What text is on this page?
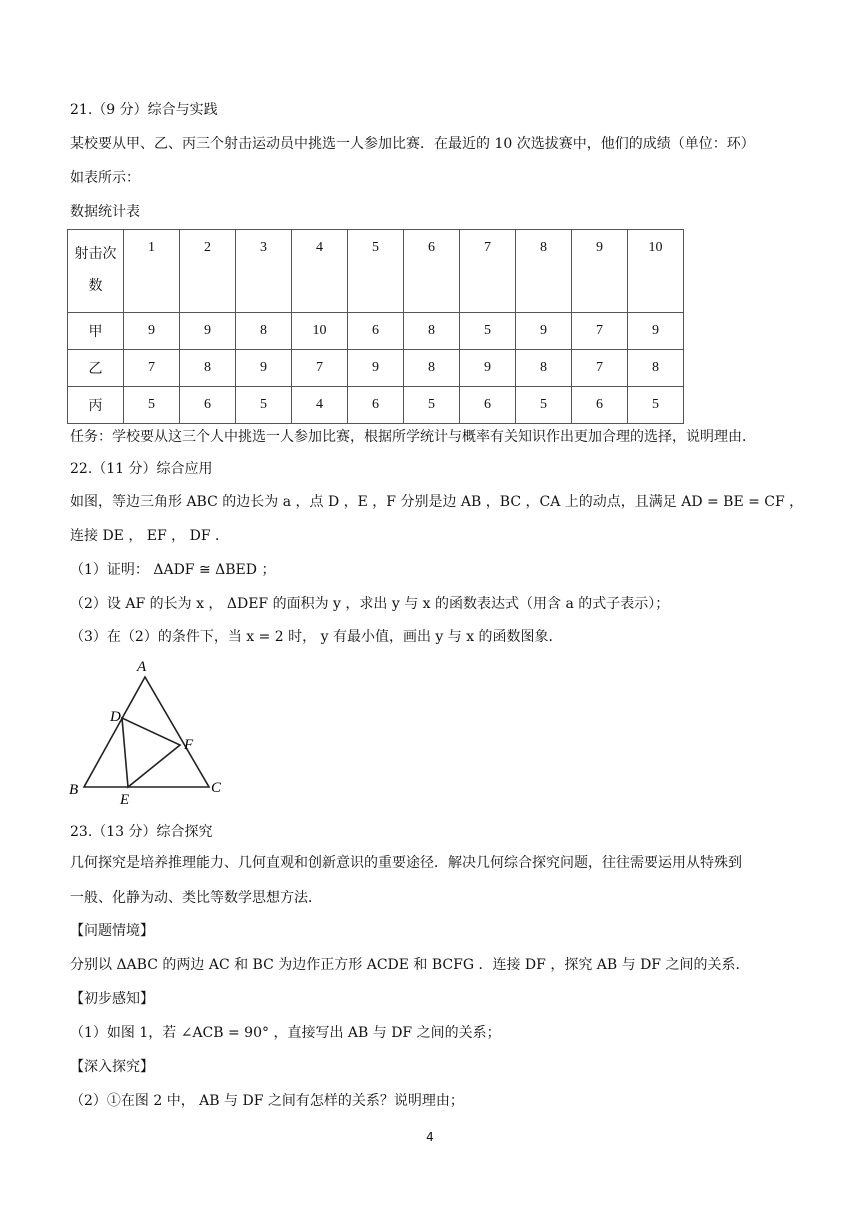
21.（9 分）综合与实践
某校要从甲、乙、丙三个射击运动员中挑选一人参加比赛．在最近的 10 次选拔赛中，他们的成绩（单位：环）
如表所示：
数据统计表
射击次
数	1	2	3	4	5	6	7	8	9	10
甲	9	9	8	10	6	8	5	9	7	9
乙	7	8	9	7	9	8	9	8	7	8
丙	5	6	5	4	6	5	6	5	6	5
任务：学校要从这三个人中挑选一人参加比赛，根据所学统计与概率有关知识作出更加合理的选择，说明理由．
22.（11 分）综合应用
如图，等边三角形 ABC 的边长为 a ，点 D ，E ，F 分别是边 AB ，BC ，CA 上的动点，且满足 AD = BE = CF ，
连接 DE ， EF ， DF ．
（1）证明： ΔADF ≅ ΔBED ；
（2）设 AF 的长为 x ， ΔDEF 的面积为 y ，求出 y 与 x 的函数表达式（用含 a 的式子表示）；
（3）在（2）的条件下，当 x = 2 时， y 有最小值，画出 y 与 x 的函数图象．
A
B	C
D
E
F
23.（13 分）综合探究
几何探究是培养推理能力、几何直观和创新意识的重要途径．解决几何综合探究问题，往往需要运用从特殊到
一般、化静为动、类比等数学思想方法．
【问题情境】
分别以 ΔABC 的两边 AC 和 BC 为边作正方形 ACDE 和 BCFG ．连接 DF ，探究 AB 与 DF 之间的关系．
【初步感知】
（1）如图 1，若 ∠ACB = 90° ，直接写出 AB 与 DF 之间的关系；
【深入探究】
（2）①在图 2 中， AB 与 DF 之间有怎样的关系？说明理由；
4
